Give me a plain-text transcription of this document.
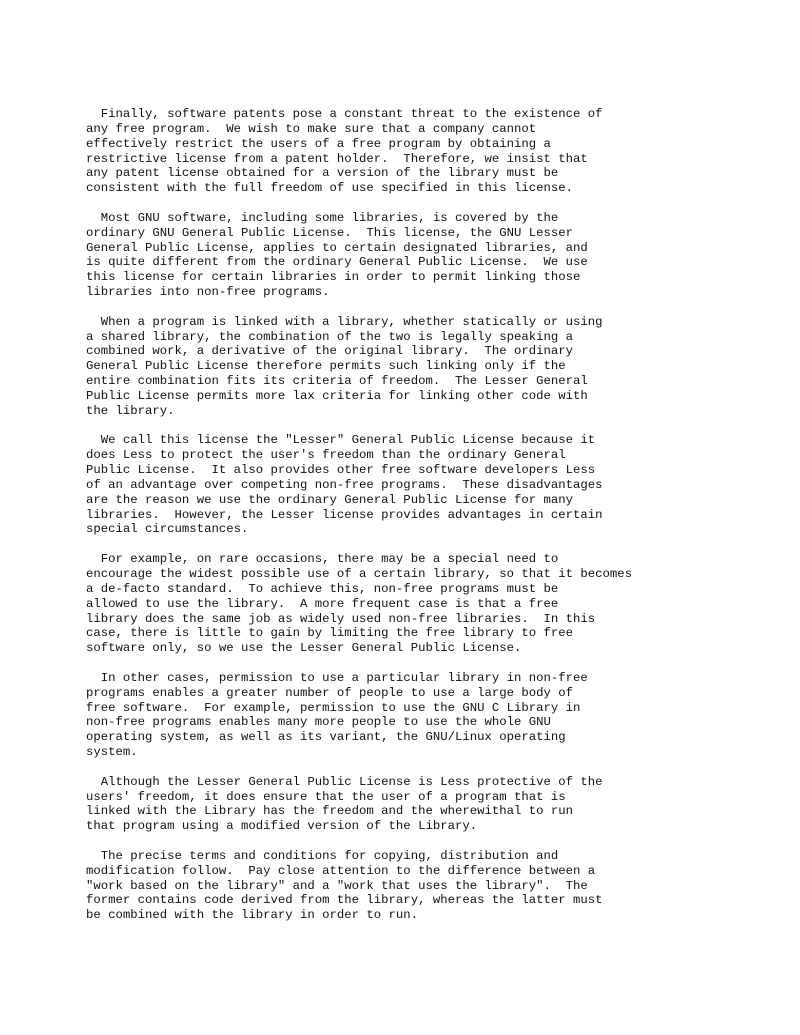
Finally, software patents pose a constant threat to the existence of
any free program.  We wish to make sure that a company cannot
effectively restrict the users of a free program by obtaining a
restrictive license from a patent holder.  Therefore, we insist that
any patent license obtained for a version of the library must be
consistent with the full freedom of use specified in this license.

Most GNU software, including some libraries, is covered by the
ordinary GNU General Public License.  This license, the GNU Lesser
General Public License, applies to certain designated libraries, and
is quite different from the ordinary General Public License.  We use
this license for certain libraries in order to permit linking those
libraries into non-free programs.

When a program is linked with a library, whether statically or using
a shared library, the combination of the two is legally speaking a
combined work, a derivative of the original library.  The ordinary
General Public License therefore permits such linking only if the
entire combination fits its criteria of freedom.  The Lesser General
Public License permits more lax criteria for linking other code with
the library.

We call this license the "Lesser" General Public License because it
does Less to protect the user's freedom than the ordinary General
Public License.  It also provides other free software developers Less
of an advantage over competing non-free programs.  These disadvantages
are the reason we use the ordinary General Public License for many
libraries.  However, the Lesser license provides advantages in certain
special circumstances.

For example, on rare occasions, there may be a special need to
encourage the widest possible use of a certain library, so that it becomes
a de-facto standard.  To achieve this, non-free programs must be
allowed to use the library.  A more frequent case is that a free
library does the same job as widely used non-free libraries.  In this
case, there is little to gain by limiting the free library to free
software only, so we use the Lesser General Public License.

In other cases, permission to use a particular library in non-free
programs enables a greater number of people to use a large body of
free software.  For example, permission to use the GNU C Library in
non-free programs enables many more people to use the whole GNU
operating system, as well as its variant, the GNU/Linux operating
system.

Although the Lesser General Public License is Less protective of the
users' freedom, it does ensure that the user of a program that is
linked with the Library has the freedom and the wherewithal to run
that program using a modified version of the Library.

The precise terms and conditions for copying, distribution and
modification follow.  Pay close attention to the difference between a
"work based on the library" and a "work that uses the library".  The
former contains code derived from the library, whereas the latter must
be combined with the library in order to run.
